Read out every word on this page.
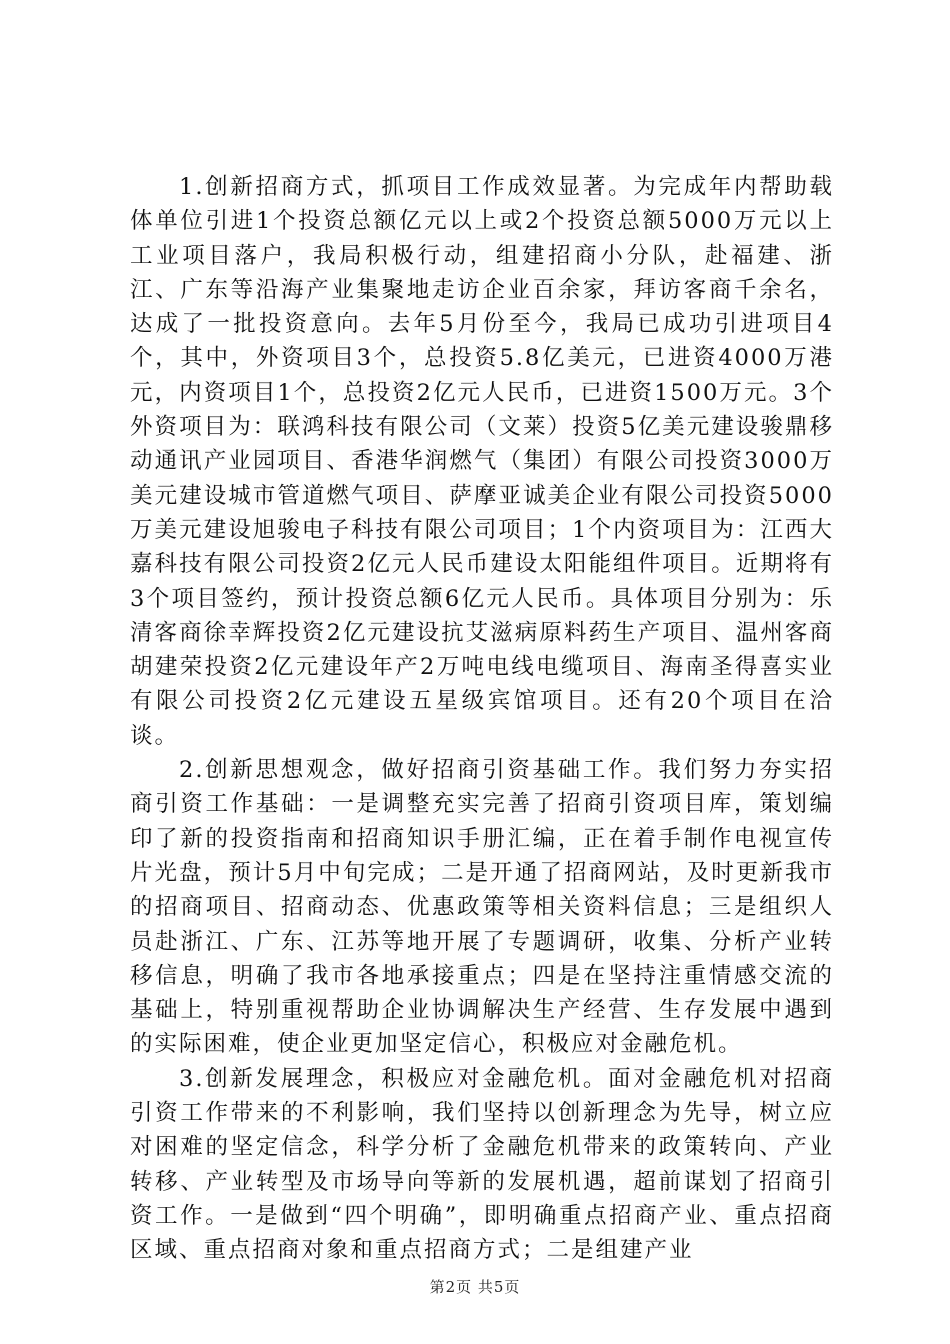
1.创新招商方式，抓项目工作成效显著。为完成年内帮助载体单位引进1个投资总额亿元以上或2个投资总额5000万元以上工业项目落户，我局积极行动，组建招商小分队，赴福建、浙江、广东等沿海产业集聚地走访企业百余家，拜访客商千余名，达成了一批投资意向。去年5月份至今，我局已成功引进项目4个，其中，外资项目3个，总投资5.8亿美元，已进资4000万港元，内资项目1个，总投资2亿元人民币，已进资1500万元。3个外资项目为：联鸿科技有限公司（文莱）投资5亿美元建设骏鼎移动通讯产业园项目、香港华润燃气（集团）有限公司投资3000万美元建设城市管道燃气项目、萨摩亚诚美企业有限公司投资5000万美元建设旭骏电子科技有限公司项目；1个内资项目为：江西大嘉科技有限公司投资2亿元人民币建设太阳能组件项目。近期将有3个项目签约，预计投资总额6亿元人民币。具体项目分别为：乐清客商徐幸辉投资2亿元建设抗艾滋病原料药生产项目、温州客商胡建荣投资2亿元建设年产2万吨电线电缆项目、海南圣得喜实业有限公司投资2亿元建设五星级宾馆项目。还有20个项目在洽谈。

2.创新思想观念，做好招商引资基础工作。我们努力夯实招商引资工作基础：一是调整充实完善了招商引资项目库，策划编印了新的投资指南和招商知识手册汇编，正在着手制作电视宣传片光盘，预计5月中旬完成；二是开通了招商网站，及时更新我市的招商项目、招商动态、优惠政策等相关资料信息；三是组织人员赴浙江、广东、江苏等地开展了专题调研，收集、分析产业转移信息，明确了我市各地承接重点；四是在坚持注重情感交流的基础上，特别重视帮助企业协调解决生产经营、生存发展中遇到的实际困难，使企业更加坚定信心，积极应对金融危机。

3.创新发展理念，积极应对金融危机。面对金融危机对招商引资工作带来的不利影响，我们坚持以创新理念为先导，树立应对困难的坚定信念，科学分析了金融危机带来的政策转向、产业转移、产业转型及市场导向等新的发展机遇，超前谋划了招商引资工作。一是做到“四个明确”，即明确重点招商产业、重点招商区域、重点招商对象和重点招商方式；二是组建产业

第2页 共5页
